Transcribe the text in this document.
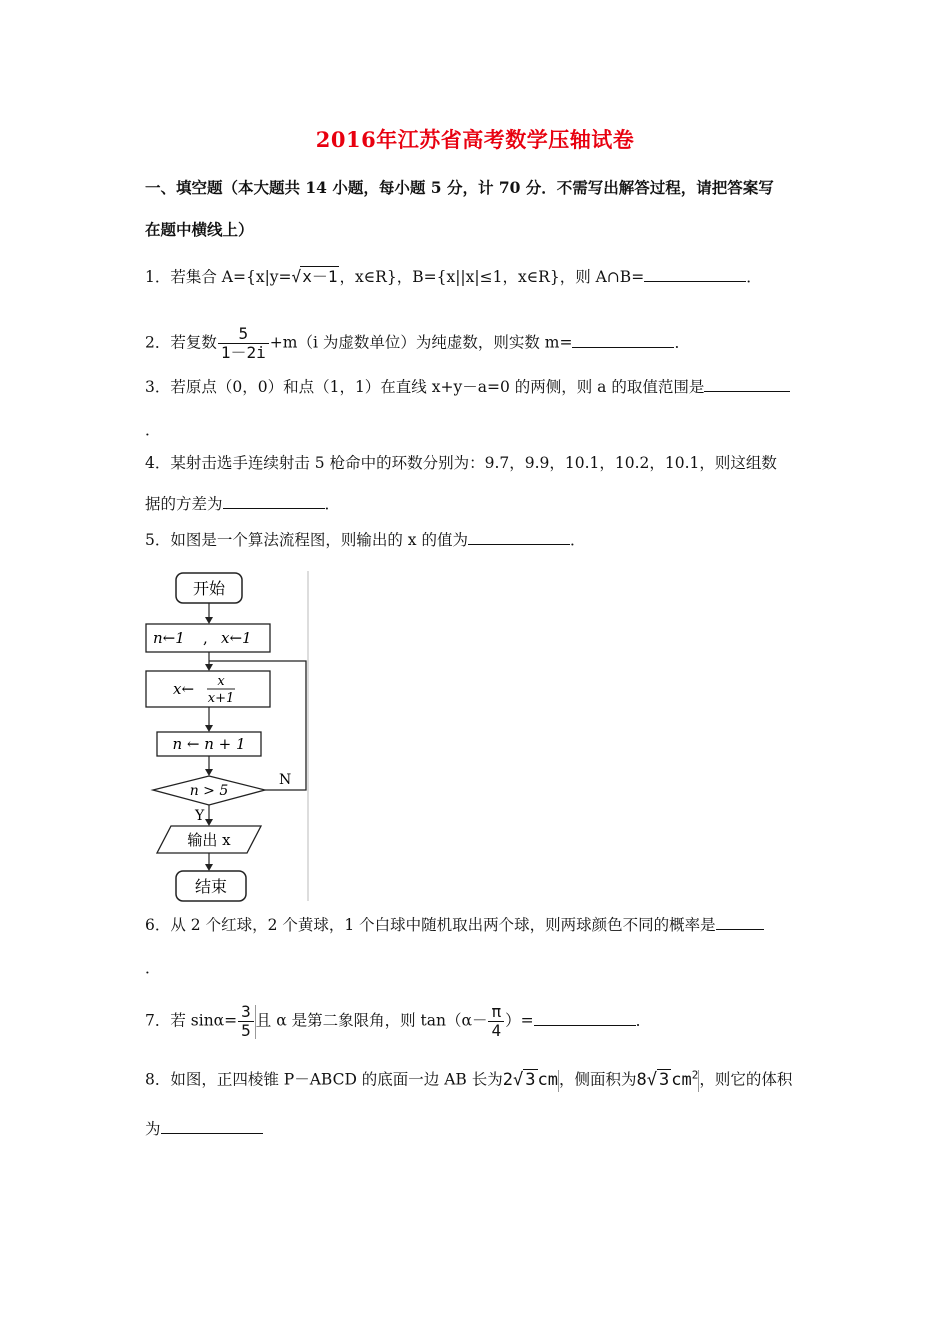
2016年江苏省高考数学压轴试卷
一、填空题（本大题共 14 小题，每小题 5 分，计 70 分．不需写出解答过程，请把答案写
在题中横线上）
1．若集合 A={x|y=√x－1 ，x∈R}，B={x||x|≤1，x∈R}，则 A∩B=	．
2．若复数 $\frac{5}{1-2i} +m(i$ 为虚数单位）为纯虚数，则实数 m=	．
3．若原点（0，0）和点（1，1）在直线 x+y－a=0 的两侧，则 a 的取值范围是
．
4．某射击选手连续射击 5 枪命中的环数分别为：9.7，9.9，10.1，10.2，10.1，则这组数
据的方差为	．
5．如图是一个算法流程图，则输出的 x 的值为	．
开始
n←1 , x←1
x← x
x+1
n ← n + 1
n > 5
N
Y
输出 x
结束
6．从 2 个红球，2 个黄球，1 个白球中随机取出两个球，则两球颜色不同的概率是
．
7．若 $\sin\alpha= \frac{3}{5}$ 且 α 是第二象限角，则 $\tan(\alpha- \frac{\pi}{4}$ ）=	．
8．如图，正四棱锥 P－ABCD 的底面一边 AB 长为2√ 3 cm，侧面积为8√ 3 $cm^2$，则它的体积
为
